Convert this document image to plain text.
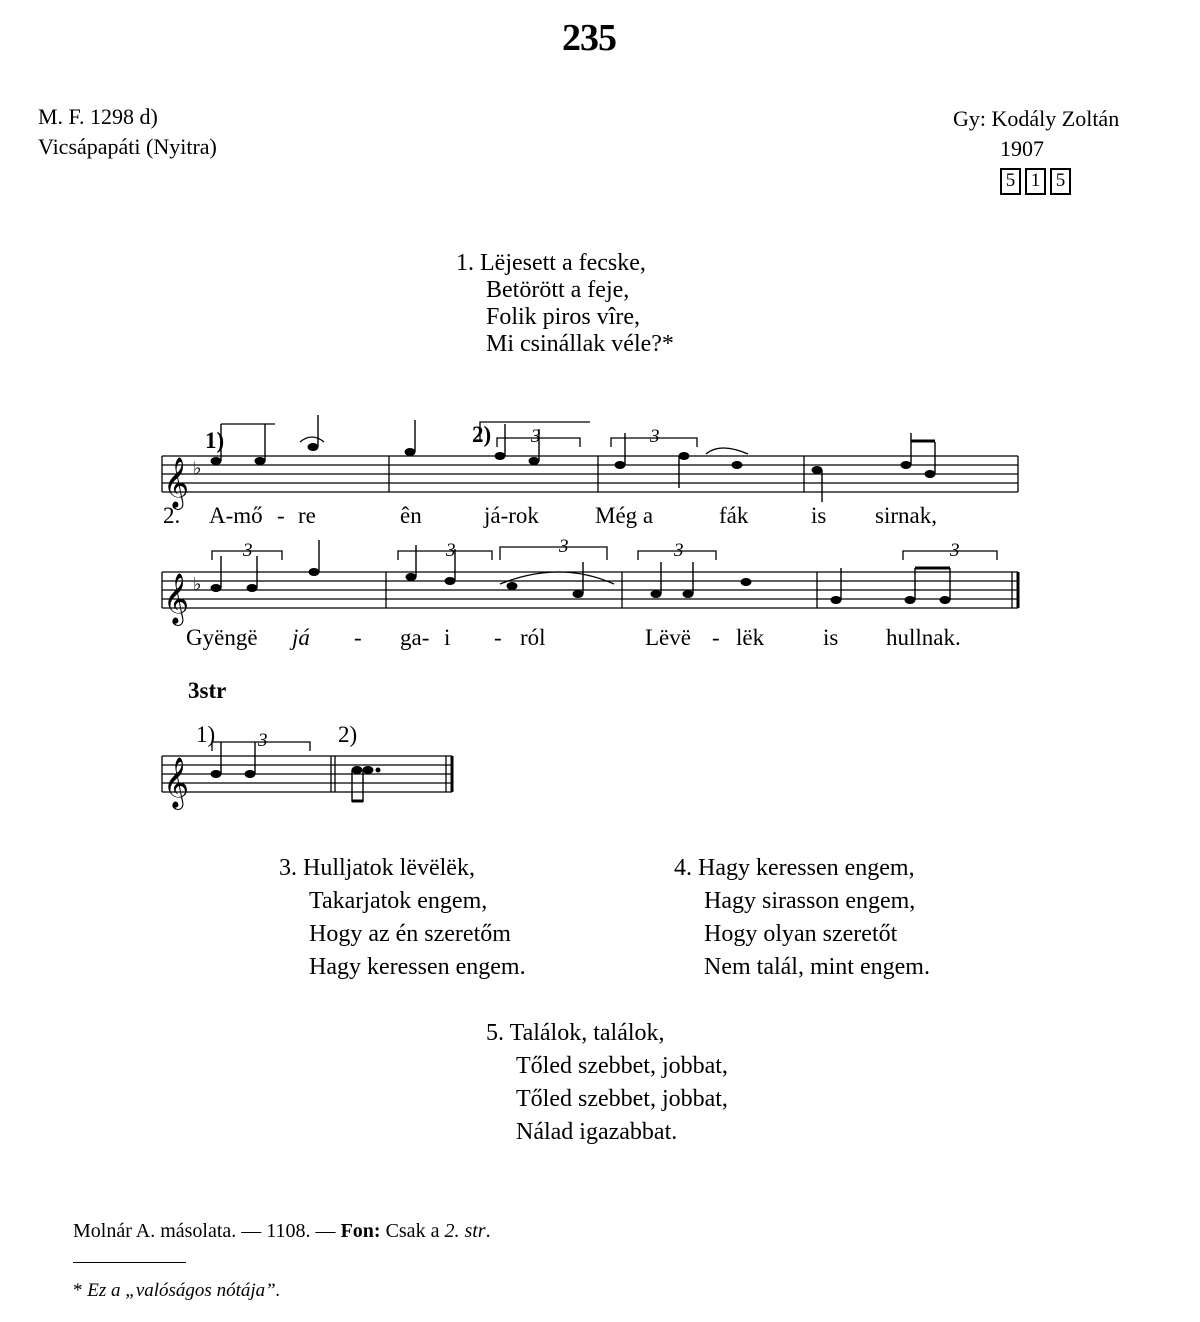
235
M. F. 1298 d)
Vicsápapáti (Nyitra)
Gy: Kodály Zoltán
1907
5 1 5
1. Lëjesett a fecske,
Betörött a feje,
Folik piros vîre,
Mi csinállak véle?*
𝄞 ♭
𝄞 ♭
𝄞
1)	2) 3	3
3	3	3	3	3
3
1)	2)
3str
2. A-mő - re	ên	já-rok Még a	fák	is sirnak,
Gyëngë já - ga- i - ról	Lëvë - lëk	is hullnak.
3. Hulljatok lëvëlëk,
Takarjatok engem,
Hogy az én szeretőm
Hagy keressen engem.
4. Hagy keressen engem,
Hagy sirasson engem,
Hogy olyan szeretőt
Nem talál, mint engem.
5. Találok, találok,
Tőled szebbet, jobbat,
Tőled szebbet, jobbat,
Nálad igazabbat.
Molnár A. másolata. — 1108. — Fon: Csak a 2. str.
* Ez a „valóságos nótája”.
